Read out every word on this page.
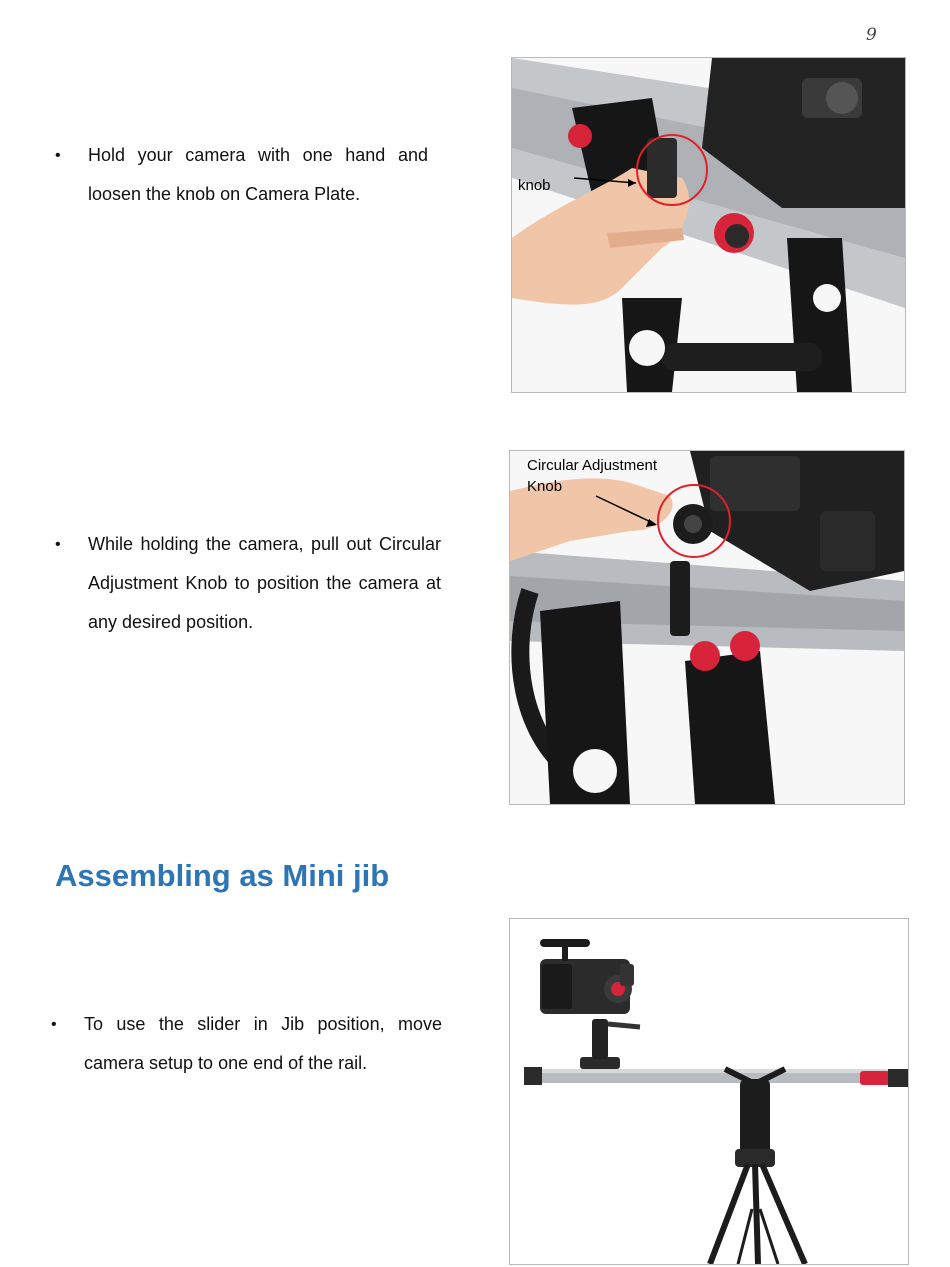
9
• Hold your camera with one hand and loosen the knob on Camera Plate.	knob
• While holding the camera, pull out Circular Adjustment Knob to position the camera at any desired position.
Circular Adjustment
Knob
Assembling as Mini jib
• To use the slider in Jib position, move camera setup to one end of the rail.
